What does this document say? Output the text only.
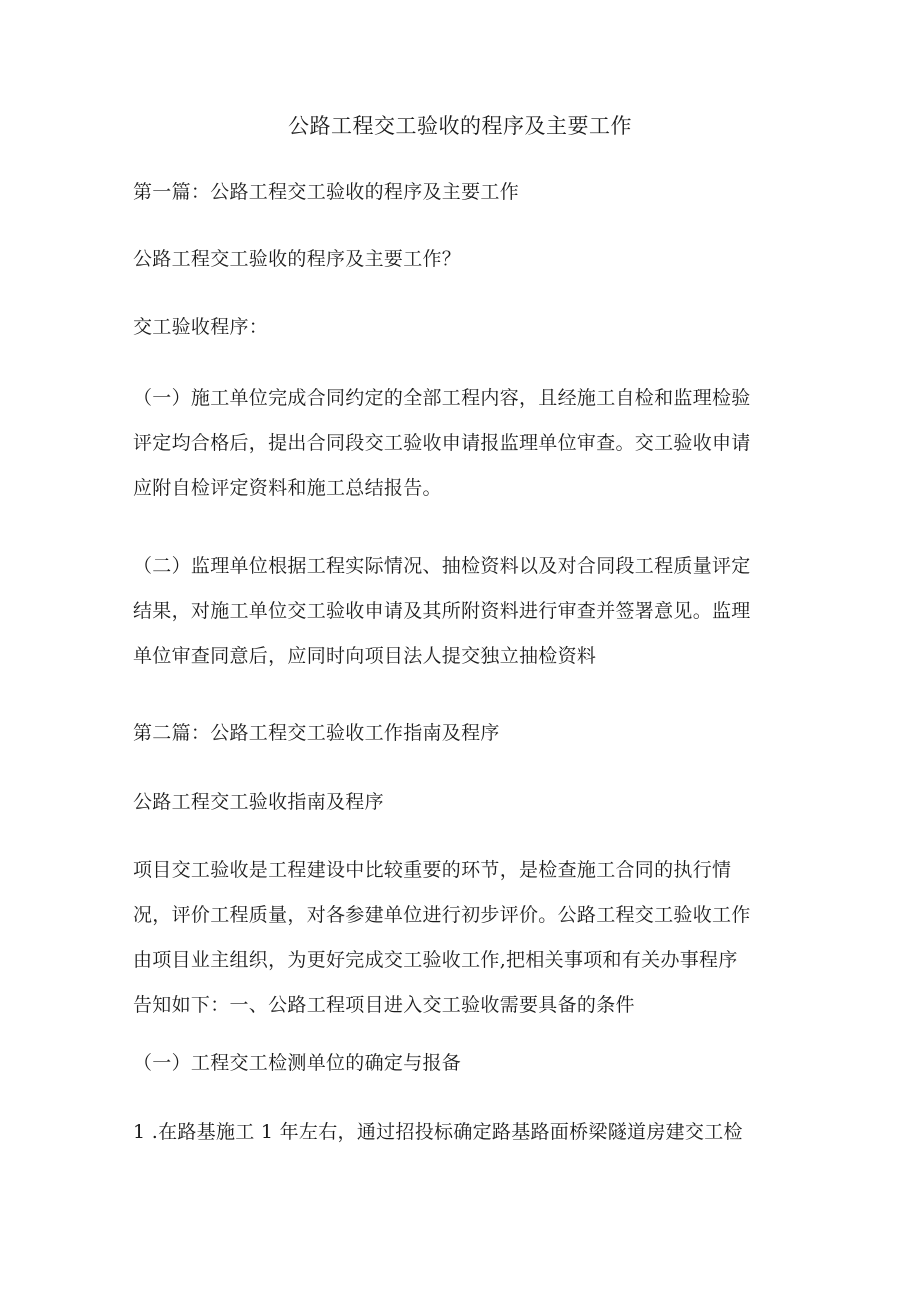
公路工程交工验收的程序及主要工作
第一篇：公路工程交工验收的程序及主要工作
公路工程交工验收的程序及主要工作？
交工验收程序：
（一）施工单位完成合同约定的全部工程内容，且经施工自检和监理检验
评定均合格后，提出合同段交工验收申请报监理单位审查。交工验收申请
应附自检评定资料和施工总结报告。
（二）监理单位根据工程实际情况、抽检资料以及对合同段工程质量评定
结果，对施工单位交工验收申请及其所附资料进行审查并签署意见。监理
单位审查同意后，应同时向项目法人提交独立抽检资料
第二篇：公路工程交工验收工作指南及程序
公路工程交工验收指南及程序
项目交工验收是工程建设中比较重要的环节，是检查施工合同的执行情
况，评价工程质量，对各参建单位进行初步评价。公路工程交工验收工作
由项目业主组织，为更好完成交工验收工作,把相关事项和有关办事程序
告知如下：一、公路工程项目进入交工验收需要具备的条件
（一）工程交工检测单位的确定与报备
1 .在路基施工 1 年左右，通过招投标确定路基路面桥梁隧道房建交工检
